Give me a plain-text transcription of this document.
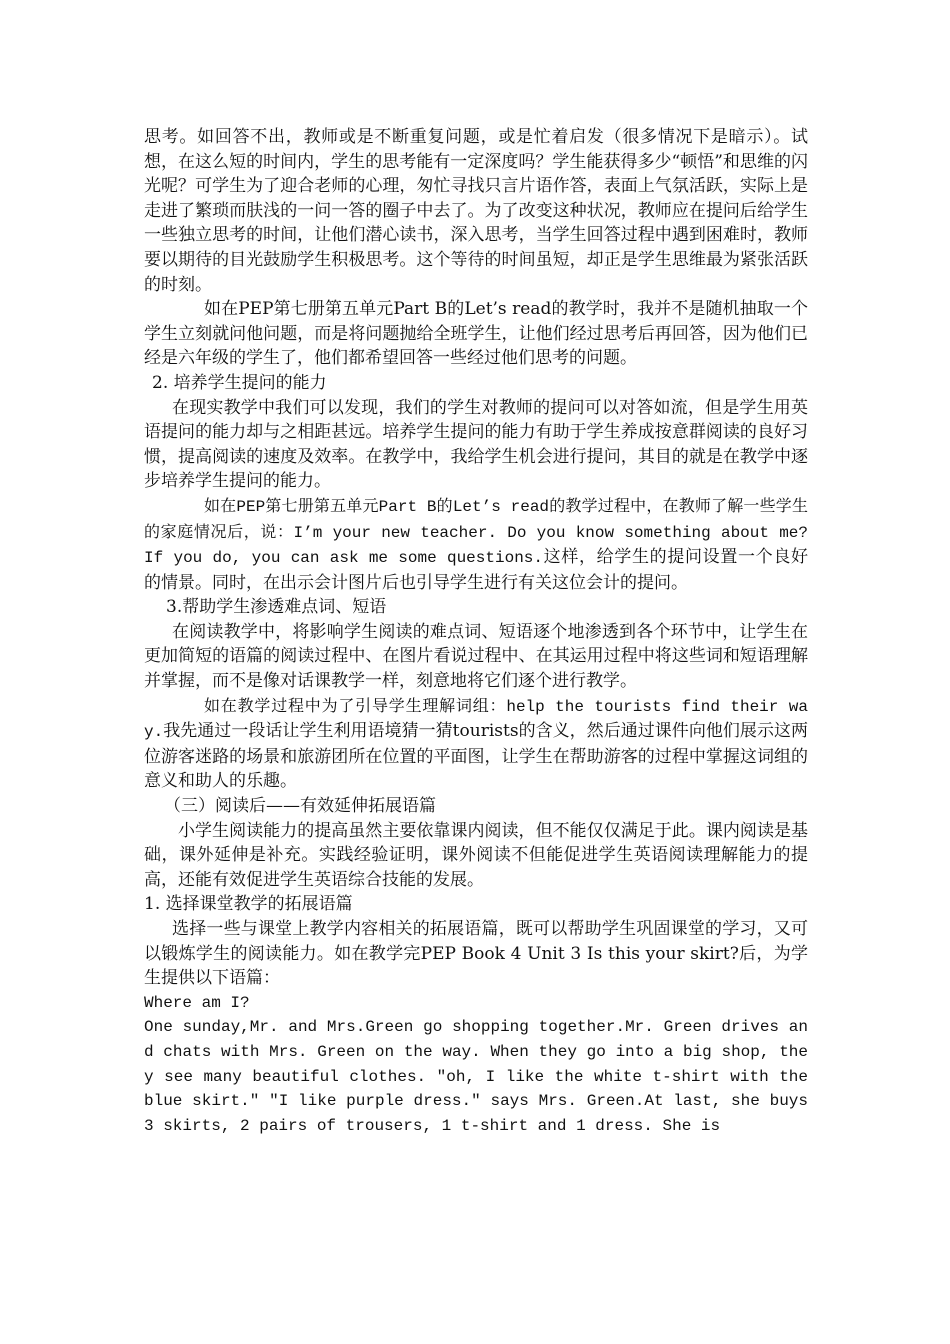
思考。如回答不出，教师或是不断重复问题，或是忙着启发（很多情况下是暗示）。试想，在这么短的时间内，学生的思考能有一定深度吗？学生能获得多少“顿悟”和思维的闪光呢？可学生为了迎合老师的心理，匆忙寻找只言片语作答，表面上气氛活跃，实际上是走进了繁琐而肤浅的一问一答的圈子中去了。为了改变这种状况，教师应在提问后给学生一些独立思考的时间，让他们潜心读书，深入思考，当学生回答过程中遇到困难时，教师要以期待的目光鼓励学生积极思考。这个等待的时间虽短，却正是学生思维最为紧张活跃的时刻。

如在PEP第七册第五单元Part B的Let’s read的教学时，我并不是随机抽取一个学生立刻就问他问题，而是将问题抛给全班学生，让他们经过思考后再回答，因为他们已经是六年级的学生了，他们都希望回答一些经过他们思考的问题。

2. 培养学生提问的能力

在现实教学中我们可以发现，我们的学生对教师的提问可以对答如流，但是学生用英语提问的能力却与之相距甚远。培养学生提问的能力有助于学生养成按意群阅读的良好习惯，提高阅读的速度及效率。在教学中，我给学生机会进行提问，其目的就是在教学中逐步培养学生提问的能力。

如在PEP第七册第五单元Part B的Let’s read的教学过程中，在教师了解一些学生的家庭情况后，说：I’m your new teacher. Do you know something about me? If you do, you can ask me some questions.这样，给学生的提问设置一个良好的情景。同时，在出示会计图片后也引导学生进行有关这位会计的提问。

3.帮助学生渗透难点词、短语

在阅读教学中，将影响学生阅读的难点词、短语逐个地渗透到各个环节中，让学生在更加简短的语篇的阅读过程中、在图片看说过程中、在其运用过程中将这些词和短语理解并掌握，而不是像对话课教学一样，刻意地将它们逐个进行教学。

如在教学过程中为了引导学生理解词组：help the tourists find their way.我先通过一段话让学生利用语境猜一猜tourists的含义，然后通过课件向他们展示这两位游客迷路的场景和旅游团所在位置的平面图，让学生在帮助游客的过程中掌握这词组的意义和助人的乐趣。

（三）阅读后——有效延伸拓展语篇

小学生阅读能力的提高虽然主要依靠课内阅读，但不能仅仅满足于此。课内阅读是基础，课外延伸是补充。实践经验证明，课外阅读不但能促进学生英语阅读理解能力的提高，还能有效促进学生英语综合技能的发展。

1. 选择课堂教学的拓展语篇

选择一些与课堂上教学内容相关的拓展语篇，既可以帮助学生巩固课堂的学习，又可以锻炼学生的阅读能力。如在教学完PEP Book 4 Unit 3 Is this your skirt?后，为学生提供以下语篇：

Where am I?

One sunday,Mr. and Mrs.Green go shopping together.Mr. Green drives and chats with Mrs. Green on the way. When they go into a big shop, they see many beautiful clothes. "oh, I like the white t-shirt with the blue skirt." "I like purple dress." says Mrs. Green.At last, she buys 3 skirts, 2 pairs of trousers, 1 t-shirt and 1 dress. She is
